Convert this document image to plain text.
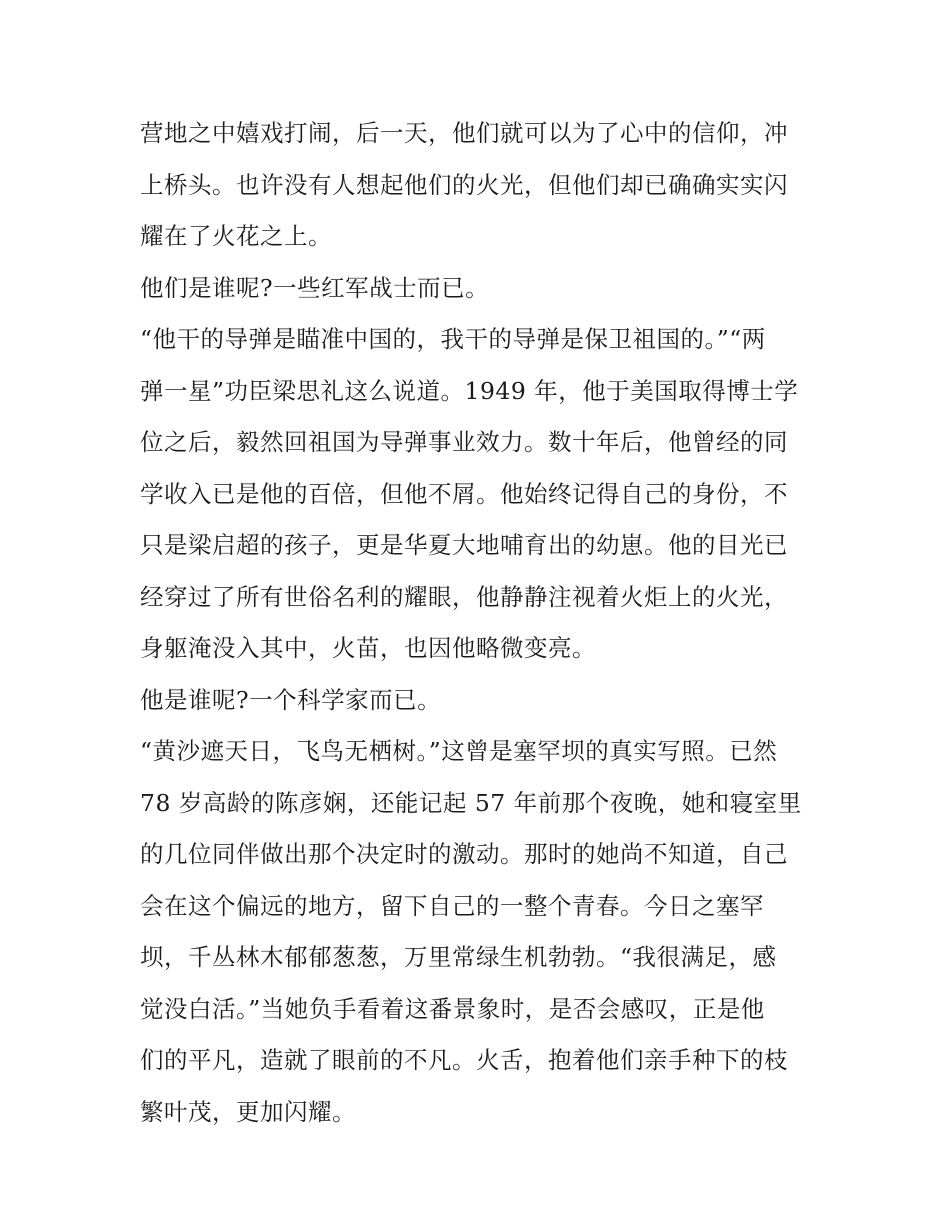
营地之中嬉戏打闹，后一天，他们就可以为了心中的信仰，冲
上桥头。也许没有人想起他们的火光，但他们却已确确实实闪
耀在了火花之上。

他们是谁呢?一些红军战士而已。

“他干的导弹是瞄准中国的，我干的导弹是保卫祖国的。”“两
弹一星”功臣梁思礼这么说道。1949 年，他于美国取得博士学
位之后，毅然回祖国为导弹事业效力。数十年后，他曾经的同
学收入已是他的百倍，但他不屑。他始终记得自己的身份，不
只是梁启超的孩子，更是华夏大地哺育出的幼崽。他的目光已
经穿过了所有世俗名利的耀眼，他静静注视着火炬上的火光，
身躯淹没入其中，火苗，也因他略微变亮。

他是谁呢?一个科学家而已。

“黄沙遮天日，飞鸟无栖树。”这曾是塞罕坝的真实写照。已然
78 岁高龄的陈彦娴，还能记起 57 年前那个夜晚，她和寝室里
的几位同伴做出那个决定时的激动。那时的她尚不知道，自己
会在这个偏远的地方，留下自己的一整个青春。今日之塞罕
坝，千丛林木郁郁葱葱，万里常绿生机勃勃。“我很满足，感
觉没白活。”当她负手看着这番景象时，是否会感叹，正是他
们的平凡，造就了眼前的不凡。火舌，抱着他们亲手种下的枝
繁叶茂，更加闪耀。
